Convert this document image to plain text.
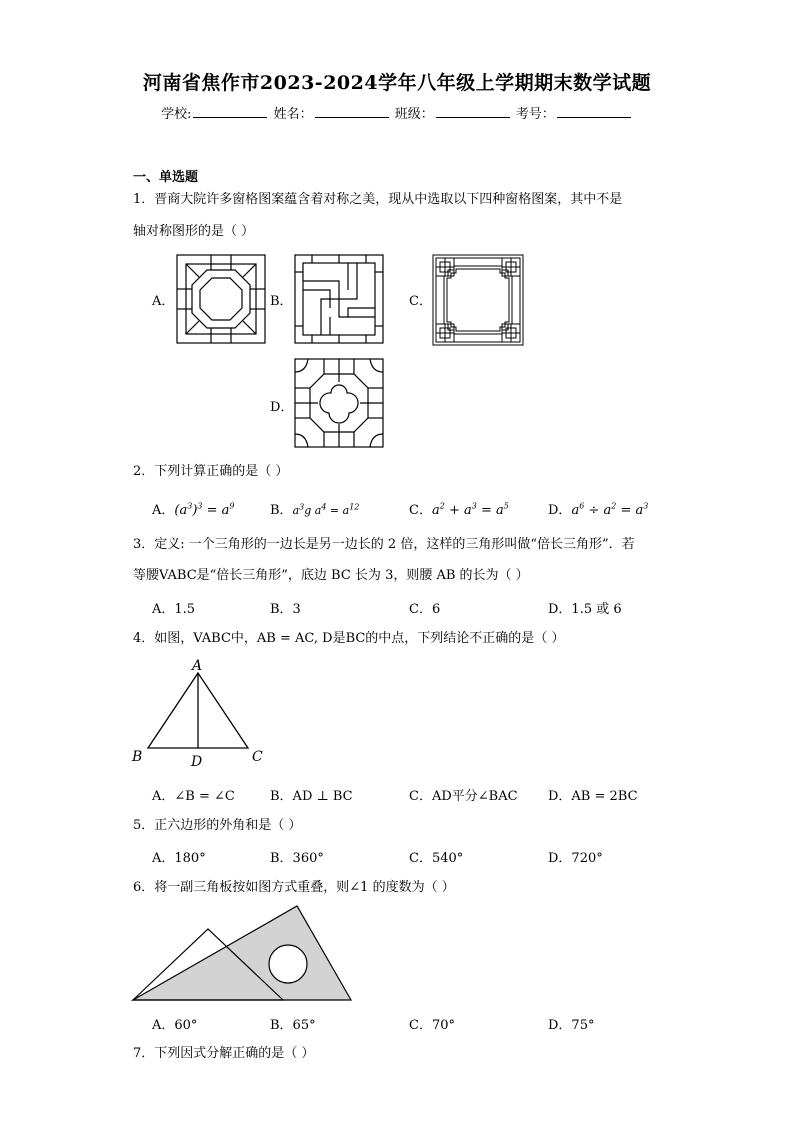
河南省焦作市2023-2024学年八年级上学期期末数学试题
学校:	姓名：	班级：	考号：
一、单选题
1．晋商大院许多窗格图案蕴含着对称之美，现从中选取以下四种窗格图案，其中不是
轴对称图形的是（ ）
A．	B．	C．
D．
2．下列计算正确的是（ ）
A．$(a^3)^3 = a^9$	B．$a^3g$ $a^4 = a^{12}$	C．$a^2 + a^3 = a^5$	D．$a^6 \div a^2 = a^3$
3．定义: 一个三角形的一边长是另一边长的 2 倍，这样的三角形叫做“倍长三角形”．若
等腰VABC是“倍长三角形”，底边 BC 长为 3，则腰 AB 的长为（ ）
A．1.5	B．3	C．6	D．1.5 或 6
4．如图，VABC中，AB = AC, D是BC的中点，下列结论不正确的是（ ）
A
B	C
D
A．∠B = ∠C	B．AD ⊥ BC	C．AD平分∠BAC D．AB = 2BC
5．正六边形的外角和是（ ）
A．180°	B．360°	C．540°	D．720°
6．将一副三角板按如图方式重叠，则∠1 的度数为（ ）
A．60°	B．65°	C．70°	D．75°
7．下列因式分解正确的是（ ）
